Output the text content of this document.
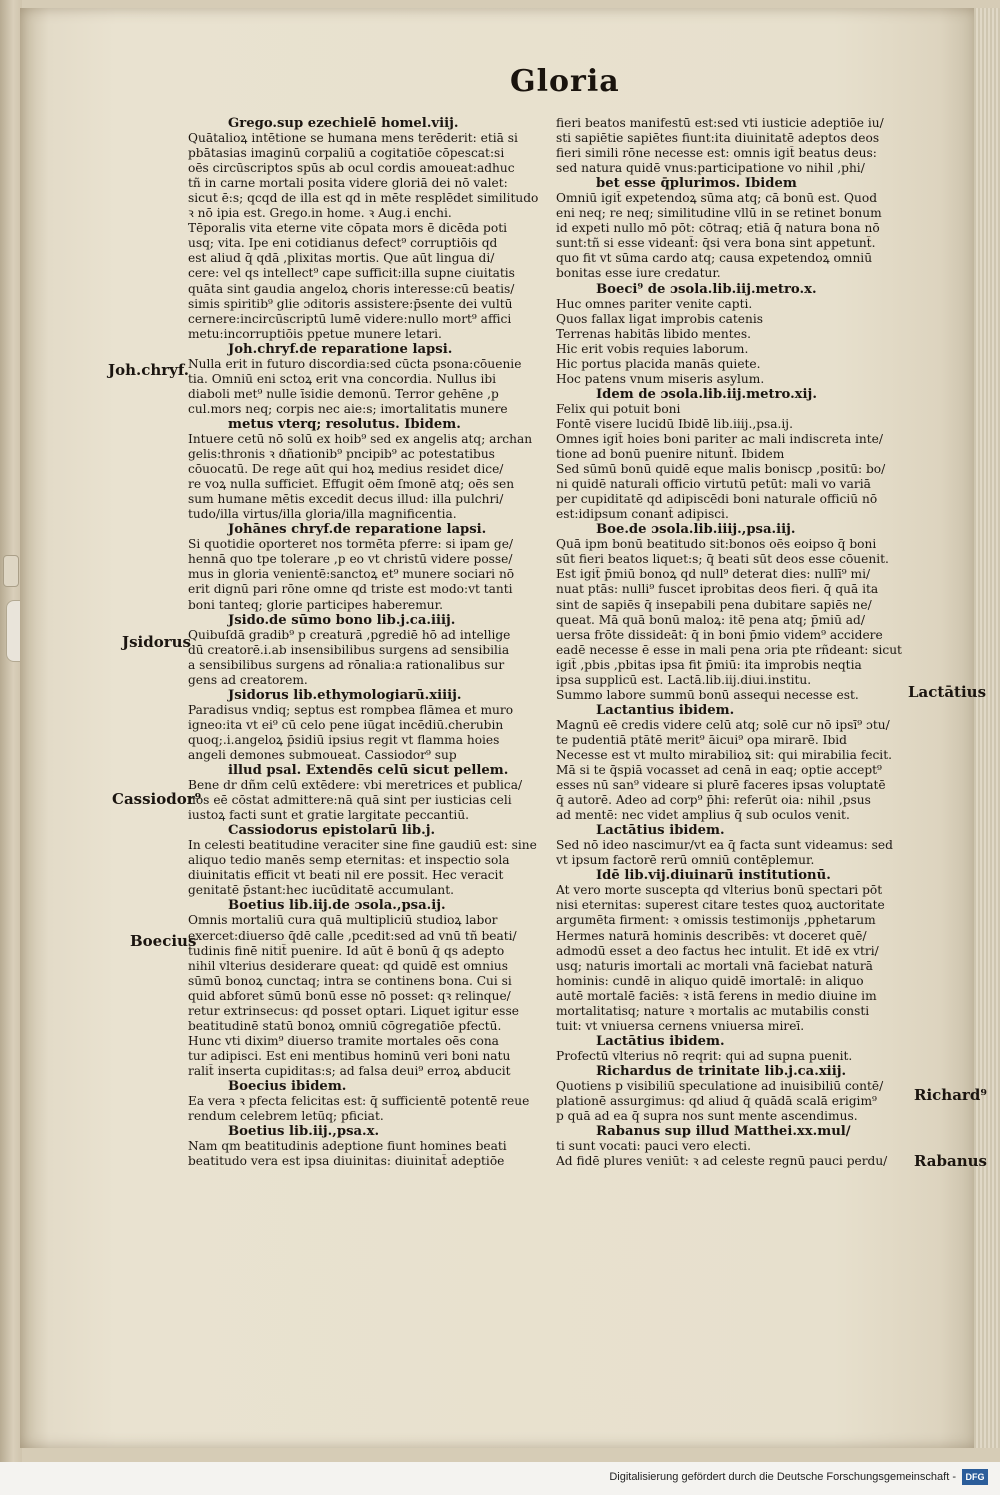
Gloria
Grego.sup ezechielē homel.viij.
Quātalioꝝ intētione se humana mens terēderit: etiā si
pbātasias imaginū corpaliū a cogitatiōe cōpescat:si
oēs circūscriptos spūs ab ocul cordis amoueat:adhuc
tñ in carne mortali posita videre gloriā dei nō valet:
sicut ē:s; qcqd de illa est qd in mēte resplēdet similitudo
ꝛ nō ipia est. Grego.in home. ꝛ Aug.i enchi.
Tēporalis vita eterne vite cōpata mors ē dicēda poti
usq; vita. Ipe eni cotidianus defect⁹ corruptiōis qd
est aliud q̄ qdā ,plixitas mortis. Que aūt lingua di/
cere: vel qs intellect⁹ cape sufficit:illa supne ciuitatis
quāta sint gaudia angeloꝝ choris interesse:cū beatis/
simis spiritib⁹ glie ɔditoris assistere:p̄sente dei vultū
cernere:incircūscriptū lumē videre:nullo mort⁹ affici
metu:incorruptiōis ppetue munere letari.
Joh.chryf.de reparatione lapsi.
Nulla erit in futuro discordia:sed cūcta psona:cōuenie
tia. Omniū eni sctoꝝ erit vna concordia. Nullus ibi
diaboli met⁹ nulle īsidie demonū. Terror gehēne ,p
cul.mors neq; corpis nec aie:s; imortalitatis munere
metus vterq; resolutus. Ibidem.
Intuere cetū nō solū ex hoib⁹ sed ex angelis atq; archan
gelis:thronis ꝛ dñationib⁹ pncipib⁹ ac potestatibus
cōuocatū. De rege aūt qui hoꝝ medius residet dice/
re voꝝ nulla sufficiet. Effugit oēm ſmonē atq; oēs sen
sum humane mētis excedit decus illud: illa pulchri/
tudo/illa virtus/illa gloria/illa magnificentia.
Johānes chryf.de reparatione lapsi.
Si quotidie oporteret nos tormēta pferre: si ipam ge/
hennā quo tpe tolerare ,p eo vt christū videre posse/
mus in gloria venientē:sanctoꝝ et⁹ munere sociari nō
erit dignū pari rōne omne qd triste est modo:vt tanti
boni tanteq; glorie participes haberemur.
Jsido.de sūmo bono lib.j.ca.iiij.
Quibuſdā gradib⁹ p creaturā ,pgrediē hō ad intellige
dū creatorē.i.ab insensibilibus surgens ad sensibilia
a sensibilibus surgens ad rōnalia:a rationalibus sur
gens ad creatorem.
Jsidorus lib.ethymologiarū.xiiij.
Paradisus vndiq; septus est rompbea flāmea et muro
igneo:ita vt ei⁹ cū celo pene iūgat incēdiū.cherubin
quoq;.i.angeloꝝ p̄sidiū ipsius regit vt flamma hoies
angeli demones submoueat. Cassiodor⁹ sup
illud psal. Extendēs celū sicut pellem.
Bene dr dñm celū extēdere: vbi meretrices et publica/
nos eē cōstat admittere:nā quā sint per iusticias celi
iustoꝝ facti sunt et gratie largitate peccantiū.
Cassiodorus epistolarū lib.j.
In celesti beatitudine veraciter sine fine gaudiū est: sine
aliquo tedio manēs semp eternitas: et inspectio sola
diuinitatis efficit vt beati nil ere possit. Hec veracit
genitatē p̄stant:hec iucūditatē accumulant.
Boetius lib.iij.de ɔsola.,psa.ij.
Omnis mortaliū cura quā multipliciū studioꝝ labor
exercet:diuerso q̄dē calle ,pcedit:sed ad vnū tñ beati/
tudinis finē nitit̄ puenire. Id aūt ē bonū q̄ qs adepto
nihil vlterius desiderare queat: qd quidē est omnius
sūmū bonoꝝ cunctaq; intra se continens bona. Cui si
quid abforet sūmū bonū esse nō posset: qꝛ relinque/
retur extrinsecus: qd posset optari. Liquet igitur esse
beatitudinē statū bonoꝝ omniū cōgregatiōe pfectū.
Hunc vti dixim⁹ diuerso tramite mortales oēs cona
tur adipisci. Est eni mentibus hominū veri boni natu
ralit̄ inserta cupiditas:s; ad falsa deui⁹ erroꝝ abducit
Boecius ibidem.
Ea vera ꝛ pfecta felicitas est: q̄ sufficientē potentē reue
rendum celebrem letūq; pficiat.
Boetius lib.iij.,psa.x.
Nam qm beatitudinis adeptione fiunt homines beati
beatitudo vera est ipsa diuinitas: diuinitat̄ adeptiōe
fieri beatos manifestū est:sed vti iusticie adeptiōe iu/
sti sapiētie sapiētes fiunt:ita diuinitatē adeptos deos
fieri simili rōne necesse est: omnis igit̄ beatus deus:
sed natura quidē vnus:participatione vo nihil ,phi/
bet esse q̄plurimos. Ibidem
Omniū igit̄ expetendoꝝ sūma atq; cā bonū est. Quod
eni neq; re neq; similitudine vllū in se retinet bonum
id expeti nullo mō pōt: cōtraq; etiā q̄ natura bona nō
sunt:tñ si esse videant̄: q̄si vera bona sint appetunt̄.
quo fit vt sūma cardo atq; causa expetendoꝝ omniū
bonitas esse iure credatur.
Boeci⁹ de ɔsola.lib.iij.metro.x.
Huc omnes pariter venite capti.
Quos fallax ligat improbis catenis
Terrenas habitās libido mentes.
Hic erit vobis requies laborum.
Hic portus placida manās quiete.
Hoc patens vnum miseris asylum.
Idem de ɔsola.lib.iij.metro.xij.
Felix qui potuit boni
Fontē visere lucidū Ibidē lib.iiij.,psa.ij.
Omnes igit̄ hoies boni pariter ac mali indiscreta inte/
tione ad bonū puenire nitunt̄. Ibidem
Sed sūmū bonū quidē eque malis boniscp ,positū: bo/
ni quidē naturali officio virtutū petūt: mali vo variā
per cupiditatē qd adipiscēdi boni naturale officiū nō
est:idipsum conant̄ adipisci.
Boe.de ɔsola.lib.iiij.,psa.iij.
Quā ipm bonū beatitudo sit:bonos oēs eoipso q̄ boni
sūt fieri beatos liquet:s; q̄ beati sūt deos esse cōuenit.
Est igit̄ p̄miū bonoꝝ qd null⁹ deterat dies: nullī⁹ mi/
nuat ptās: nulli⁹ fuscet iprobitas deos fieri. q̄ quā ita
sint de sapiēs q̄ insepabili pena dubitare sapiēs ne/
queat. Mā quā bonū maloꝝ: itē pena atq; p̄miū ad/
uersa frōte dissideāt: q̄ in boni p̄mio videm⁹ accidere
eadē necesse ē esse in mali pena ɔria pte rñdeant: sicut
igit̄ ,pbis ,pbitas ipsa fit p̄miū: ita improbis neqtia
ipsa supplicū est. Lactā.lib.iij.diui.institu.
Summo labore summū bonū assequi necesse est.
Lactantius ibidem.
Magnū eē credis videre celū atq; solē cur nō ipsī⁹ ɔtu/
te pudentiā ptātē merit⁹ āicui⁹ opa mirarē. Ibid
Necesse est vt multo mirabilioꝝ sit: qui mirabilia fecit.
Mā si te q̄spiā vocasset ad cenā in eaq; optie accept⁹
esses nū san⁹ videare si plurē faceres ipsas voluptatē
q̄ autorē. Adeo ad corp⁹ p̄hi: referūt oia: nihil ,psus
ad mentē: nec videt amplius q̄ sub oculos venit.
Lactātius ibidem.
Sed nō ideo nascimur/vt ea q̄ facta sunt videamus: sed
vt ipsum factorē rerū omniū contēplemur.
Idē lib.vij.diuinarū institutionū.
At vero morte suscepta qd vlterius bonū spectari pōt
nisi eternitas: superest citare testes quoꝝ auctoritate
argumēta firment: ꝛ omissis testimonijs ,pphetarum
Hermes naturā hominis describēs: vt doceret quē/
admodū esset a deo factus hec intulit. Et idē ex vtri/
usq; naturis imortali ac mortali vnā faciebat naturā
hominis: cundē in aliquo quidē imortalē: in aliquo
autē mortalē faciēs: ꝛ istā ferens in medio diuine im
mortalitatisq; nature ꝛ mortalis ac mutabilis consti
tuit: vt vniuersa cernens vniuersa mireī.
Lactātius ibidem.
Profectū vlterius nō reqrit: qui ad supna puenit.
Richardus de trinitate lib.j.ca.xiij.
Quotiens p visibiliū speculatione ad inuisibiliū contē/
plationē assurgimus: qd aliud q̄ quādā scalā erigim⁹
p quā ad ea q̄ supra nos sunt mente ascendimus.
Rabanus sup illud Matthei.xx.mul/
ti sunt vocati: pauci vero electi.
Ad fidē plures veniūt: ꝛ ad celeste regnū pauci perdu/
Joh.chryf.
Jsidorus
Cassiodor⁹
Boecius
Lactātius
Richard⁹
Rabanus
Digitalisierung gefördert durch die Deutsche Forschungsgemeinschaft -	DFG
